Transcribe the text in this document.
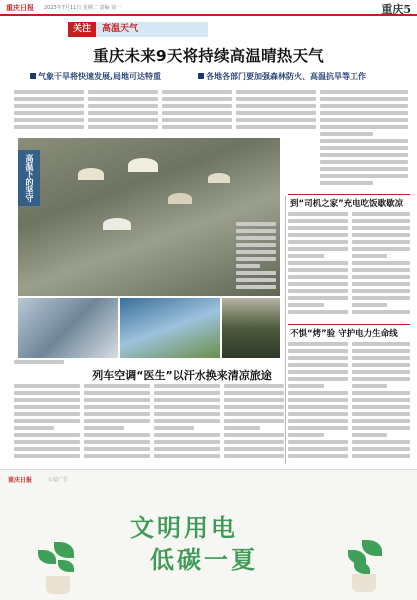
重庆日报 2023年7月11日 星期二 责编 刘一	重庆5
关注	高温天气
重庆未来9天将持续高温晴热天气
气象干旱将快速发展,局地可达特重	各地各部门要加强森林防火、高温抗旱等工作
高温下的坚守
到“司机之家”充电吃饭歇歇凉
不惧“烤”验 守护电力生命线
列车空调“医生”以汗水换来清凉旅途
重庆日报	公益广告
文明用电
低碳一夏
